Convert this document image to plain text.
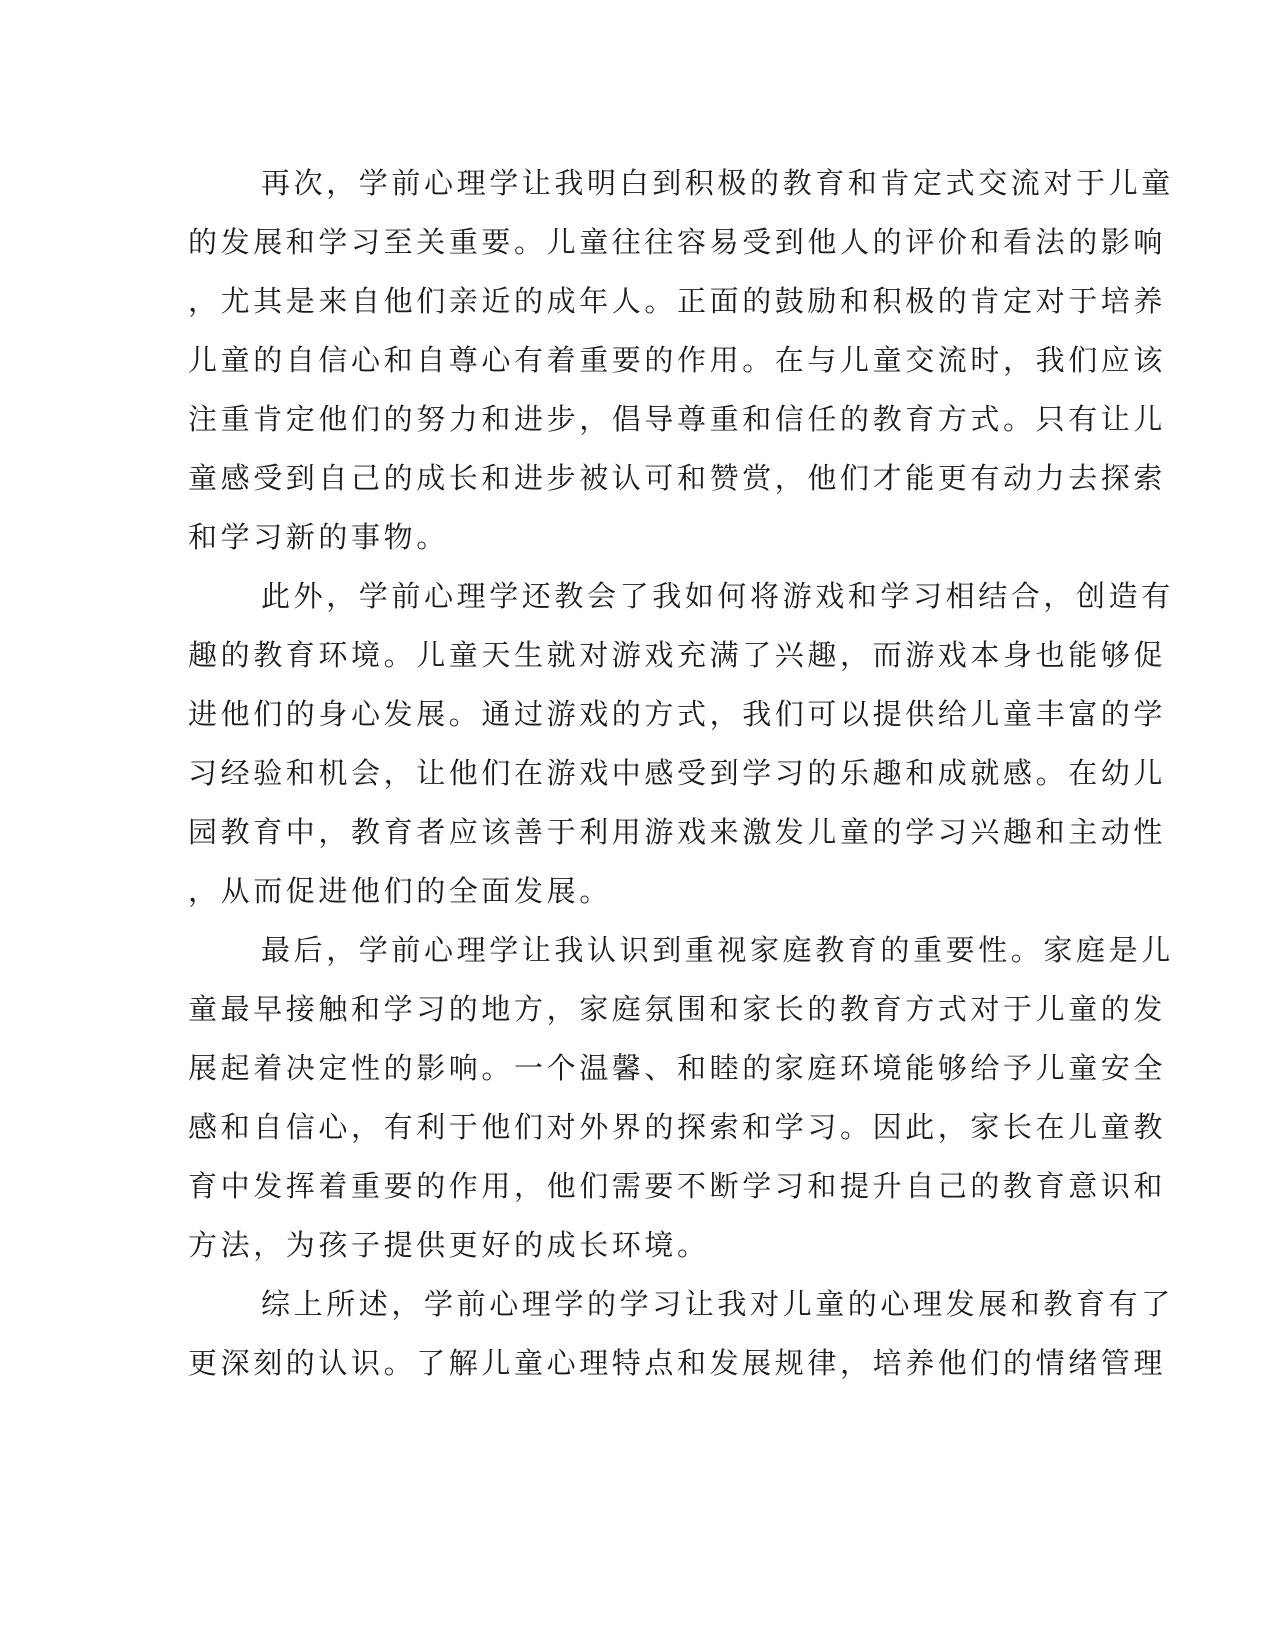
再次，学前心理学让我明白到积极的教育和肯定式交流对于儿童
的发展和学习至关重要。儿童往往容易受到他人的评价和看法的影响
，尤其是来自他们亲近的成年人。正面的鼓励和积极的肯定对于培养
儿童的自信心和自尊心有着重要的作用。在与儿童交流时，我们应该
注重肯定他们的努力和进步，倡导尊重和信任的教育方式。只有让儿
童感受到自己的成长和进步被认可和赞赏，他们才能更有动力去探索
和学习新的事物。
此外，学前心理学还教会了我如何将游戏和学习相结合，创造有
趣的教育环境。儿童天生就对游戏充满了兴趣，而游戏本身也能够促
进他们的身心发展。通过游戏的方式，我们可以提供给儿童丰富的学
习经验和机会，让他们在游戏中感受到学习的乐趣和成就感。在幼儿
园教育中，教育者应该善于利用游戏来激发儿童的学习兴趣和主动性
，从而促进他们的全面发展。
最后，学前心理学让我认识到重视家庭教育的重要性。家庭是儿
童最早接触和学习的地方，家庭氛围和家长的教育方式对于儿童的发
展起着决定性的影响。一个温馨、和睦的家庭环境能够给予儿童安全
感和自信心，有利于他们对外界的探索和学习。因此，家长在儿童教
育中发挥着重要的作用，他们需要不断学习和提升自己的教育意识和
方法，为孩子提供更好的成长环境。
综上所述，学前心理学的学习让我对儿童的心理发展和教育有了
更深刻的认识。了解儿童心理特点和发展规律，培养他们的情绪管理
